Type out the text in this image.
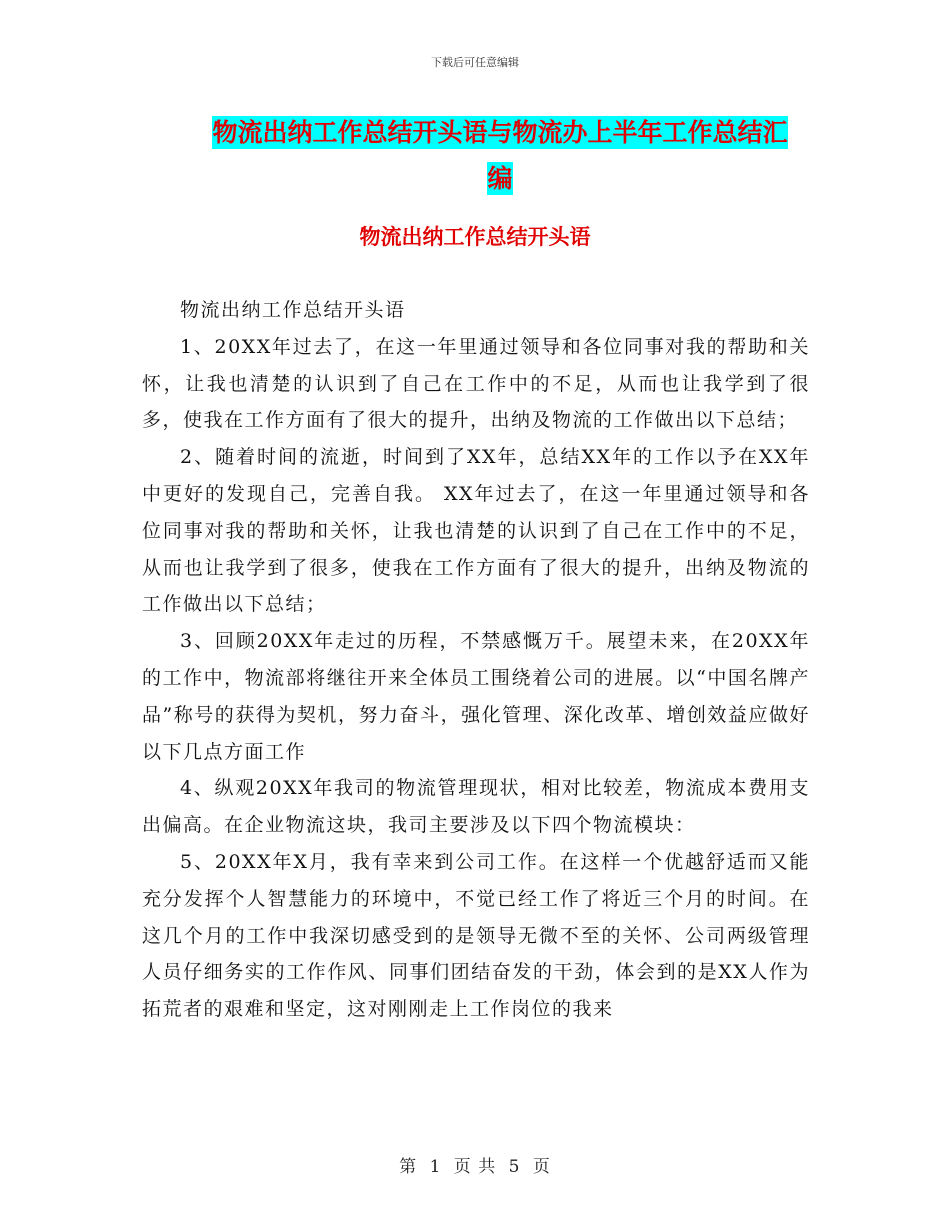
下载后可任意编辑
物流出纳工作总结开头语与物流办上半年工作总结汇
编
物流出纳工作总结开头语

物流出纳工作总结开头语

1、20XX年过去了，在这一年里通过领导和各位同事对我的帮助和关怀，让我也清楚的认识到了自己在工作中的不足，从而也让我学到了很多，使我在工作方面有了很大的提升，出纳及物流的工作做出以下总结；

2、随着时间的流逝，时间到了XX年，总结XX年的工作以予在XX年中更好的发现自己，完善自我。 XX年过去了，在这一年里通过领导和各位同事对我的帮助和关怀，让我也清楚的认识到了自己在工作中的不足，从而也让我学到了很多，使我在工作方面有了很大的提升，出纳及物流的工作做出以下总结；

3、回顾20XX年走过的历程，不禁感慨万千。展望未来，在20XX年的工作中，物流部将继往开来全体员工围绕着公司的进展。以“中国名牌产品”称号的获得为契机，努力奋斗，强化管理、深化改革、增创效益应做好以下几点方面工作

4、纵观20XX年我司的物流管理现状，相对比较差，物流成本费用支出偏高。在企业物流这块，我司主要涉及以下四个物流模块：

5、20XX年X月，我有幸来到公司工作。在这样一个优越舒适而又能充分发挥个人智慧能力的环境中，不觉已经工作了将近三个月的时间。在这几个月的工作中我深切感受到的是领导无微不至的关怀、公司两级管理人员仔细务实的工作作风、同事们团结奋发的干劲，体会到的是XX人作为拓荒者的艰难和坚定，这对刚刚走上工作岗位的我来

第 1 页 共 5 页
